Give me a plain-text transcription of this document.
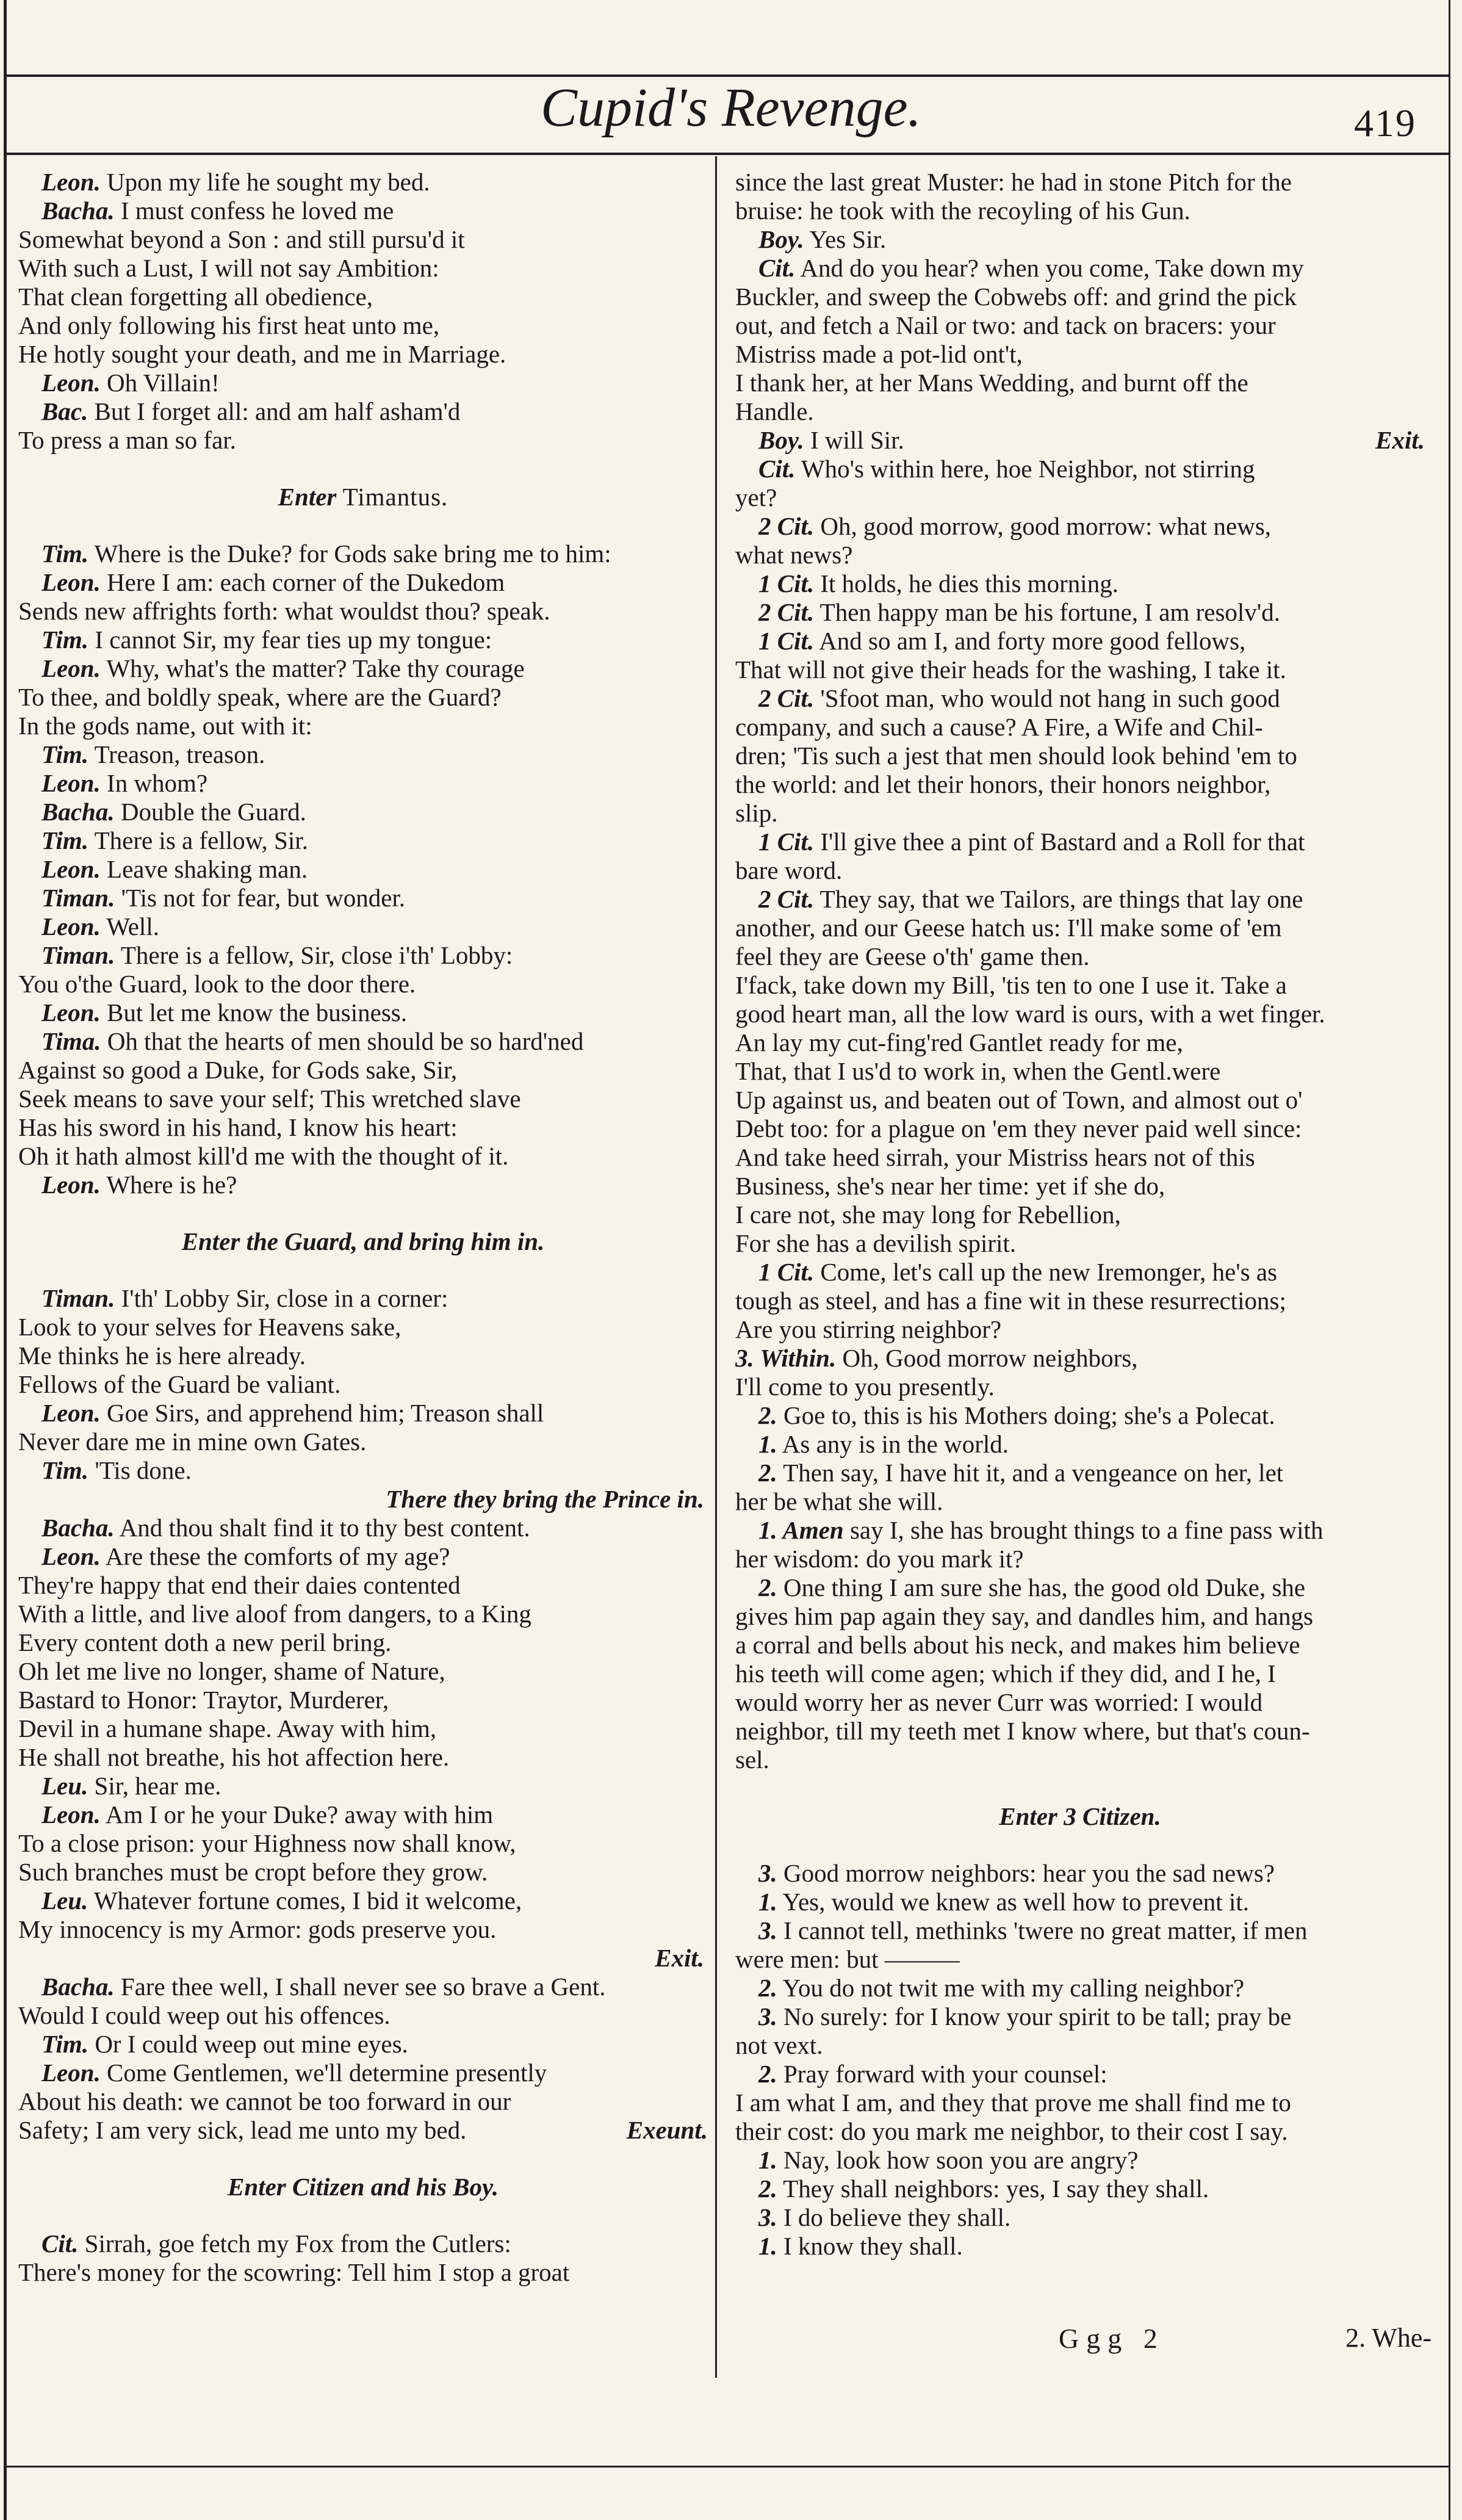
Cupid's Revenge.	419
Leon. Upon my life he sought my bed.
Bacha. I must confess he loved me
Somewhat beyond a Son : and still pursu'd it
With such a Lust, I will not say Ambition:
That clean forgetting all obedience,
And only following his first heat unto me,
He hotly sought your death, and me in Marriage.
Leon. Oh Villain!
Bac. But I forget all: and am half asham'd
To press a man so far.
Enter Timantus.
Tim. Where is the Duke? for Gods sake bring me to him:
Leon. Here I am: each corner of the Dukedom
Sends new affrights forth: what wouldst thou? speak.
Tim. I cannot Sir, my fear ties up my tongue:
Leon. Why, what's the matter? Take thy courage
To thee, and boldly speak, where are the Guard?
In the gods name, out with it:
Tim. Treason, treason.
Leon. In whom?
Bacha. Double the Guard.
Tim. There is a fellow, Sir.
Leon. Leave shaking man.
Timan. 'Tis not for fear, but wonder.
Leon. Well.
Timan. There is a fellow, Sir, close i'th' Lobby:
You o'the Guard, look to the door there.
Leon. But let me know the business.
Tima. Oh that the hearts of men should be so hard'ned
Against so good a Duke, for Gods sake, Sir,
Seek means to save your self; This wretched slave
Has his sword in his hand, I know his heart:
Oh it hath almost kill'd me with the thought of it.
Leon. Where is he?
Enter the Guard, and bring him in.
Timan. I'th' Lobby Sir, close in a corner:
Look to your selves for Heavens sake,
Me thinks he is here already.
Fellows of the Guard be valiant.
Leon. Goe Sirs, and apprehend him; Treason shall
Never dare me in mine own Gates.
Tim. 'Tis done.
There they bring the Prince in.
Bacha. And thou shalt find it to thy best content.
Leon. Are these the comforts of my age?
They're happy that end their daies contented
With a little, and live aloof from dangers, to a King
Every content doth a new peril bring.
Oh let me live no longer, shame of Nature,
Bastard to Honor: Traytor, Murderer,
Devil in a humane shape. Away with him,
He shall not breathe, his hot affection here.
Leu. Sir, hear me.
Leon. Am I or he your Duke? away with him
To a close prison: your Highness now shall know,
Such branches must be cropt before they grow.
Leu. Whatever fortune comes, I bid it welcome,
My innocency is my Armor: gods preserve you.
Exit.
Bacha. Fare thee well, I shall never see so brave a Gent.
Would I could weep out his offences.
Tim. Or I could weep out mine eyes.
Leon. Come Gentlemen, we'll determine presently
About his death: we cannot be too forward in our
Safety; I am very sick, lead me unto my bed.	Exeunt.
Enter Citizen and his Boy.
Cit. Sirrah, goe fetch my Fox from the Cutlers:
There's money for the scowring: Tell him I stop a groat
since the last great Muster: he had in stone Pitch for the
bruise: he took with the recoyling of his Gun.
Boy. Yes Sir.
Cit. And do you hear? when you come, Take down my
Buckler, and sweep the Cobwebs off: and grind the pick
out, and fetch a Nail or two: and tack on bracers: your
Mistriss made a pot-lid ont't,
I thank her, at her Mans Wedding, and burnt off the
Handle.
Boy. I will Sir.	Exit.
Cit. Who's within here, hoe Neighbor, not stirring
yet?
2 Cit. Oh, good morrow, good morrow: what news,
what news?
1 Cit. It holds, he dies this morning.
2 Cit. Then happy man be his fortune, I am resolv'd.
1 Cit. And so am I, and forty more good fellows,
That will not give their heads for the washing, I take it.
2 Cit. 'Sfoot man, who would not hang in such good
company, and such a cause? A Fire, a Wife and Chil-
dren; 'Tis such a jest that men should look behind 'em to
the world: and let their honors, their honors neighbor,
slip.
1 Cit. I'll give thee a pint of Bastard and a Roll for that
bare word.
2 Cit. They say, that we Tailors, are things that lay one
another, and our Geese hatch us: I'll make some of 'em
feel they are Geese o'th' game then.
I'fack, take down my Bill, 'tis ten to one I use it. Take a
good heart man, all the low ward is ours, with a wet finger.
An lay my cut-fing'red Gantlet ready for me,
That, that I us'd to work in, when the Gentl.were
Up against us, and beaten out of Town, and almost out o'
Debt too: for a plague on 'em they never paid well since:
And take heed sirrah, your Mistriss hears not of this
Business, she's near her time: yet if she do,
I care not, she may long for Rebellion,
For she has a devilish spirit.
1 Cit. Come, let's call up the new Iremonger, he's as
tough as steel, and has a fine wit in these resurrections;
Are you stirring neighbor?
3. Within. Oh, Good morrow neighbors,
I'll come to you presently.
2. Goe to, this is his Mothers doing; she's a Polecat.
1. As any is in the world.
2. Then say, I have hit it, and a vengeance on her, let
her be what she will.
1. Amen say I, she has brought things to a fine pass with
her wisdom: do you mark it?
2. One thing I am sure she has, the good old Duke, she
gives him pap again they say, and dandles him, and hangs
a corral and bells about his neck, and makes him believe
his teeth will come agen; which if they did, and I he, I
would worry her as never Curr was worried: I would
neighbor, till my teeth met I know where, but that's coun-
sel.
Enter 3 Citizen.
3. Good morrow neighbors: hear you the sad news?
1. Yes, would we knew as well how to prevent it.
3. I cannot tell, methinks 'twere no great matter, if men
were men: but ———
2. You do not twit me with my calling neighbor?
3. No surely: for I know your spirit to be tall; pray be
not vext.
2. Pray forward with your counsel:
I am what I am, and they that prove me shall find me to
their cost: do you mark me neighbor, to their cost I say.
1. Nay, look how soon you are angry?
2. They shall neighbors: yes, I say they shall.
3. I do believe they shall.
1. I know they shall.
Ggg 2	2. Whe-
